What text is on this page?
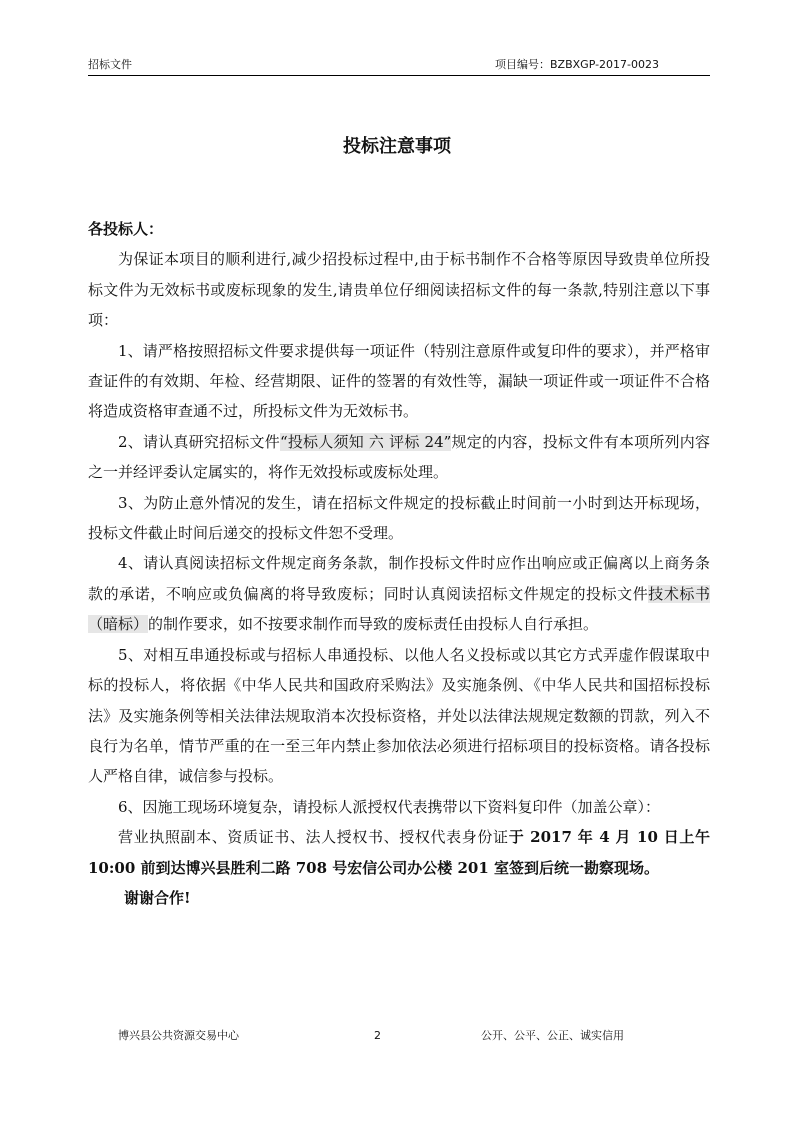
招标文件	项目编号：BZBXGP-2017-0023
投标注意事项

各投标人：

为保证本项目的顺利进行,减少招投标过程中,由于标书制作不合格等原因导致贵单位所投标文件为无效标书或废标现象的发生,请贵单位仔细阅读招标文件的每一条款,特别注意以下事项：

1、请严格按照招标文件要求提供每一项证件（特别注意原件或复印件的要求），并严格审查证件的有效期、年检、经营期限、证件的签署的有效性等，漏缺一项证件或一项证件不合格将造成资格审查通不过，所投标文件为无效标书。

2、请认真研究招标文件“投标人须知 六 评标 24”规定的内容，投标文件有本项所列内容之一并经评委认定属实的，将作无效投标或废标处理。

3、为防止意外情况的发生，请在招标文件规定的投标截止时间前一小时到达开标现场，投标文件截止时间后递交的投标文件恕不受理。

4、请认真阅读招标文件规定商务条款，制作投标文件时应作出响应或正偏离以上商务条款的承诺，不响应或负偏离的将导致废标；同时认真阅读招标文件规定的投标文件技术标书（暗标）的制作要求，如不按要求制作而导致的废标责任由投标人自行承担。

5、对相互串通投标或与招标人串通投标、以他人名义投标或以其它方式弄虚作假谋取中标的投标人，将依据《中华人民共和国政府采购法》及实施条例、《中华人民共和国招标投标法》及实施条例等相关法律法规取消本次投标资格，并处以法律法规规定数额的罚款，列入不良行为名单，情节严重的在一至三年内禁止参加依法必须进行招标项目的投标资格。请各投标人严格自律，诚信参与投标。

6、因施工现场环境复杂，请投标人派授权代表携带以下资料复印件（加盖公章）：

营业执照副本、资质证书、法人授权书、授权代表身份证于 2017 年 4 月 10 日上午 10:00 前到达博兴县胜利二路 708 号宏信公司办公楼 201 室签到后统一勘察现场。

谢谢合作!

博兴县公共资源交易中心	2	公开、公平、公正、诚实信用
